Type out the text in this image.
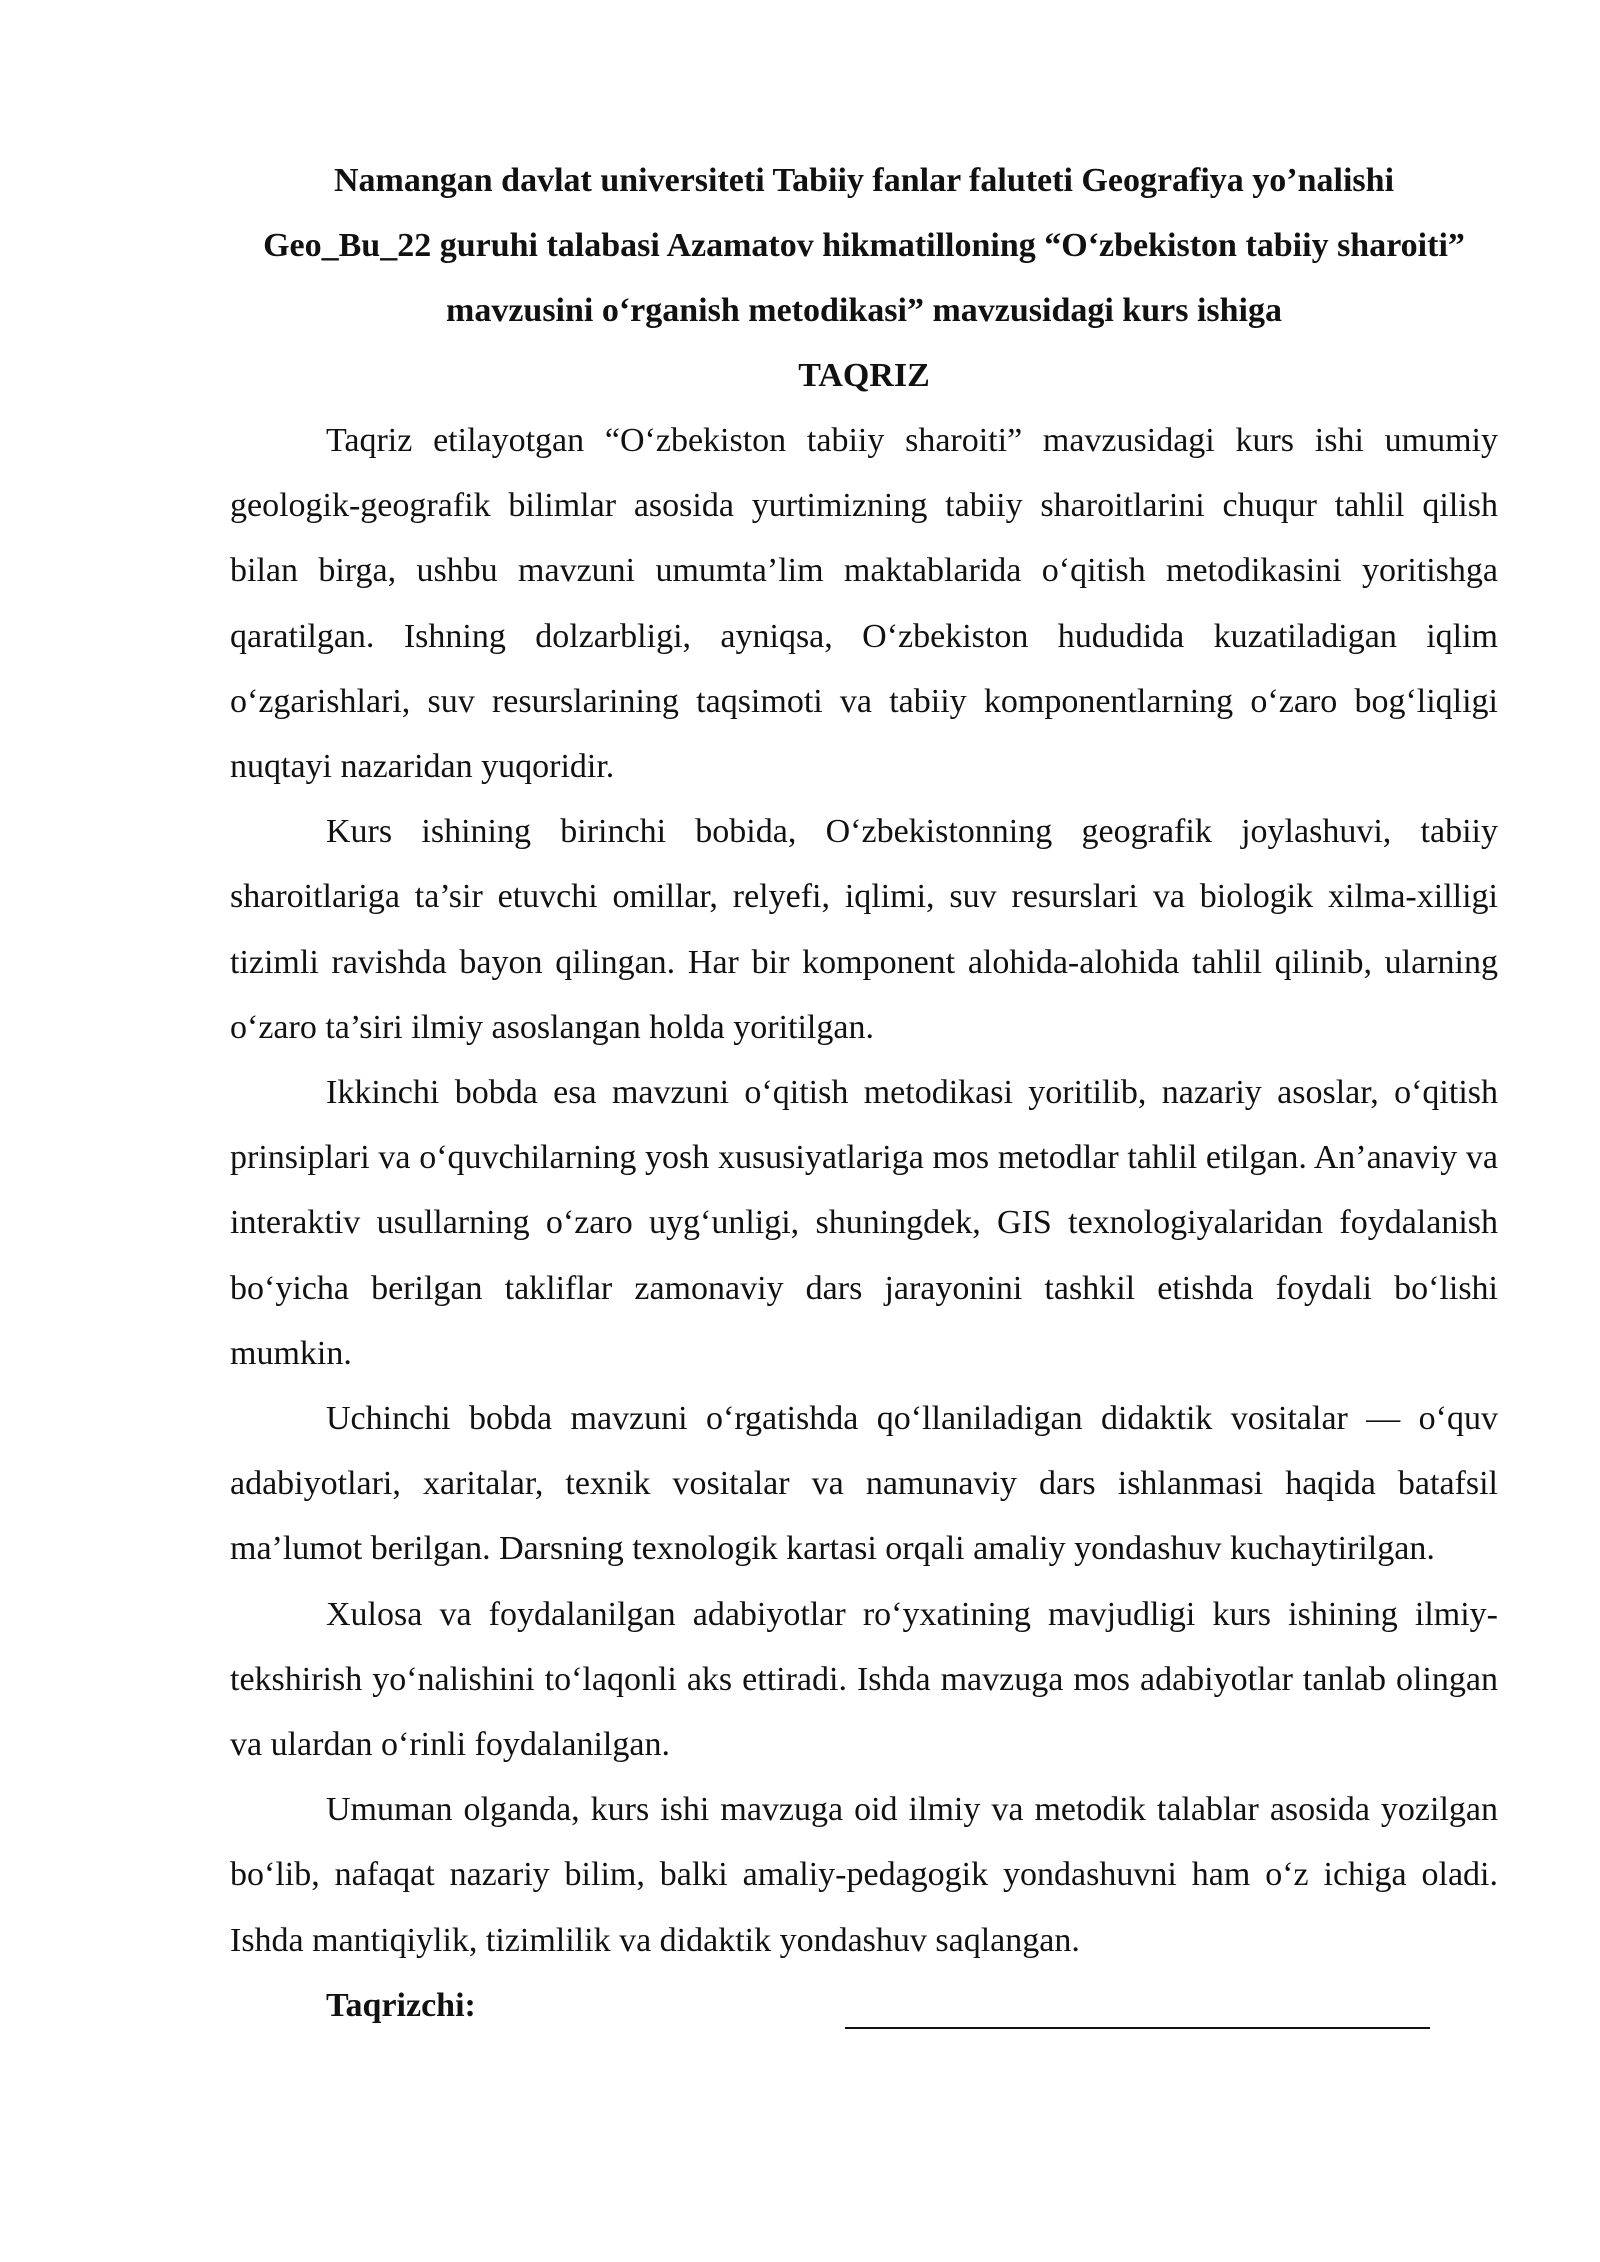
Namangan davlat universiteti Tabiiy fanlar faluteti Geografiya yo’nalishi Geo_Bu_22 guruhi talabasi Azamatov hikmatilloning “O‘zbekiston tabiiy sharoiti” mavzusini o‘rganish metodikasi” mavzusidagi kurs ishiga

TAQRIZ

Taqriz etilayotgan “O‘zbekiston tabiiy sharoiti” mavzusidagi kurs ishi umumiy geologik-geografik bilimlar asosida yurtimizning tabiiy sharoitlarini chuqur tahlil qilish bilan birga, ushbu mavzuni umumta’lim maktablarida o‘qitish metodikasini yoritishga qaratilgan. Ishning dolzarbligi, ayniqsa, O‘zbekiston hududida kuzatiladigan iqlim o‘zgarishlari, suv resurslarining taqsimoti va tabiiy komponentlarning o‘zaro bog‘liqligi nuqtayi nazaridan yuqoridir.

Kurs ishining birinchi bobida, O‘zbekistonning geografik joylashuvi, tabiiy sharoitlariga ta’sir etuvchi omillar, relyefi, iqlimi, suv resurslari va biologik xilma-xilligi tizimli ravishda bayon qilingan. Har bir komponent alohida-alohida tahlil qilinib, ularning o‘zaro ta’siri ilmiy asoslangan holda yoritilgan.

Ikkinchi bobda esa mavzuni o‘qitish metodikasi yoritilib, nazariy asoslar, o‘qitish prinsiplari va o‘quvchilarning yosh xususiyatlariga mos metodlar tahlil etilgan. An’anaviy va interaktiv usullarning o‘zaro uyg‘unligi, shuningdek, GIS texnologiyalaridan foydalanish bo‘yicha berilgan takliflar zamonaviy dars jarayonini tashkil etishda foydali bo‘lishi mumkin.

Uchinchi bobda mavzuni o‘rgatishda qo‘llaniladigan didaktik vositalar — o‘quv adabiyotlari, xaritalar, texnik vositalar va namunaviy dars ishlanmasi haqida batafsil ma’lumot berilgan. Darsning texnologik kartasi orqali amaliy yondashuv kuchaytirilgan.

Xulosa va foydalanilgan adabiyotlar ro‘yxatining mavjudligi kurs ishining ilmiy-tekshirish yo‘nalishini to‘laqonli aks ettiradi. Ishda mavzuga mos adabiyotlar tanlab olingan va ulardan o‘rinli foydalanilgan.

Umuman olganda, kurs ishi mavzuga oid ilmiy va metodik talablar asosida yozilgan bo‘lib, nafaqat nazariy bilim, balki amaliy-pedagogik yondashuvni ham o‘z ichiga oladi. Ishda mantiqiylik, tizimlilik va didaktik yondashuv saqlangan.

Taqrizchi:
